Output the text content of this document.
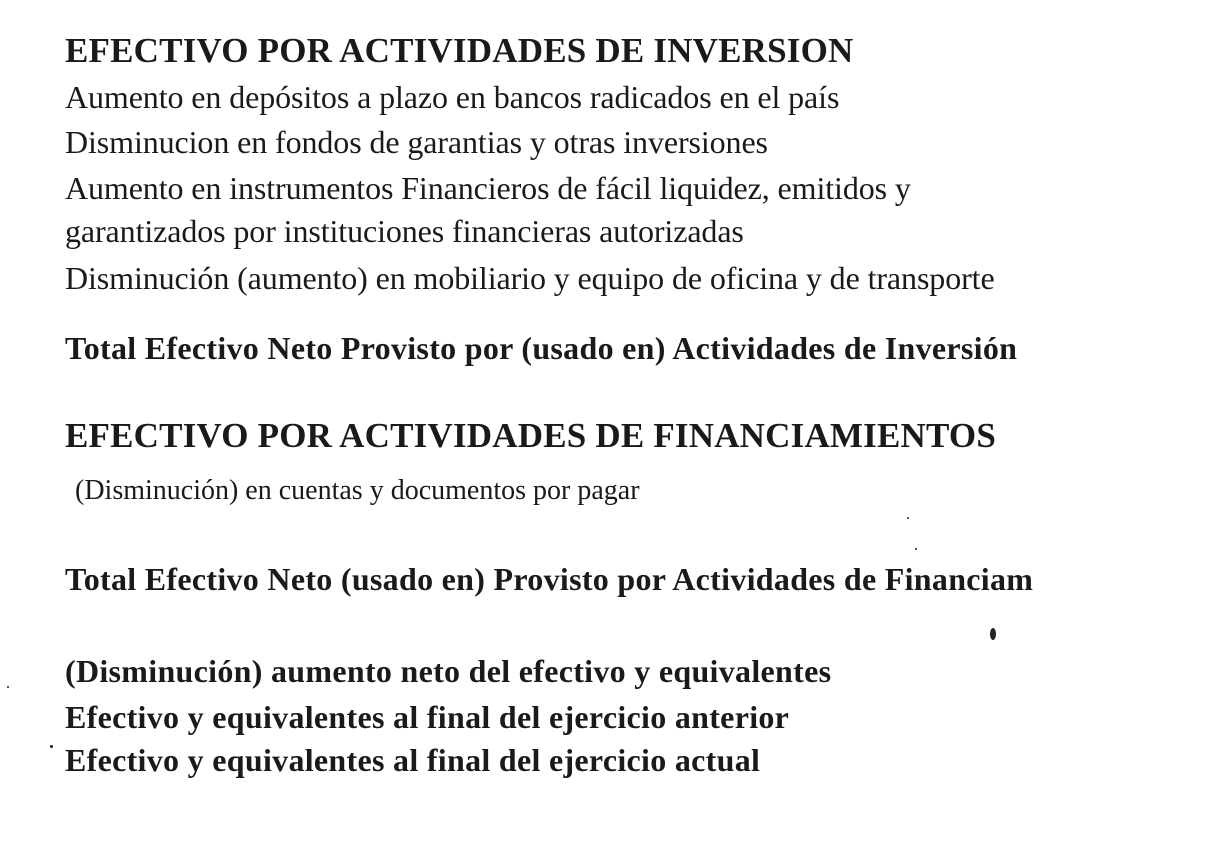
EFECTIVO POR ACTIVIDADES DE INVERSION
Aumento en depósitos a plazo en bancos radicados en el país
Disminucion en fondos de garantias y otras inversiones
Aumento en instrumentos Financieros de fácil liquidez, emitidos y
garantizados por instituciones financieras autorizadas
Disminución (aumento) en mobiliario y equipo de oficina y de transporte
Total Efectivo Neto Provisto por (usado en) Actividades de Inversión
EFECTIVO POR ACTIVIDADES DE FINANCIAMIENTOS
(Disminución) en cuentas y documentos por pagar
Total Efectivo Neto (usado en) Provisto por Actividades de Financiam
(Disminución) aumento neto del efectivo y equivalentes
Efectivo y equivalentes al final del ejercicio anterior
Efectivo y equivalentes al final del ejercicio actual
